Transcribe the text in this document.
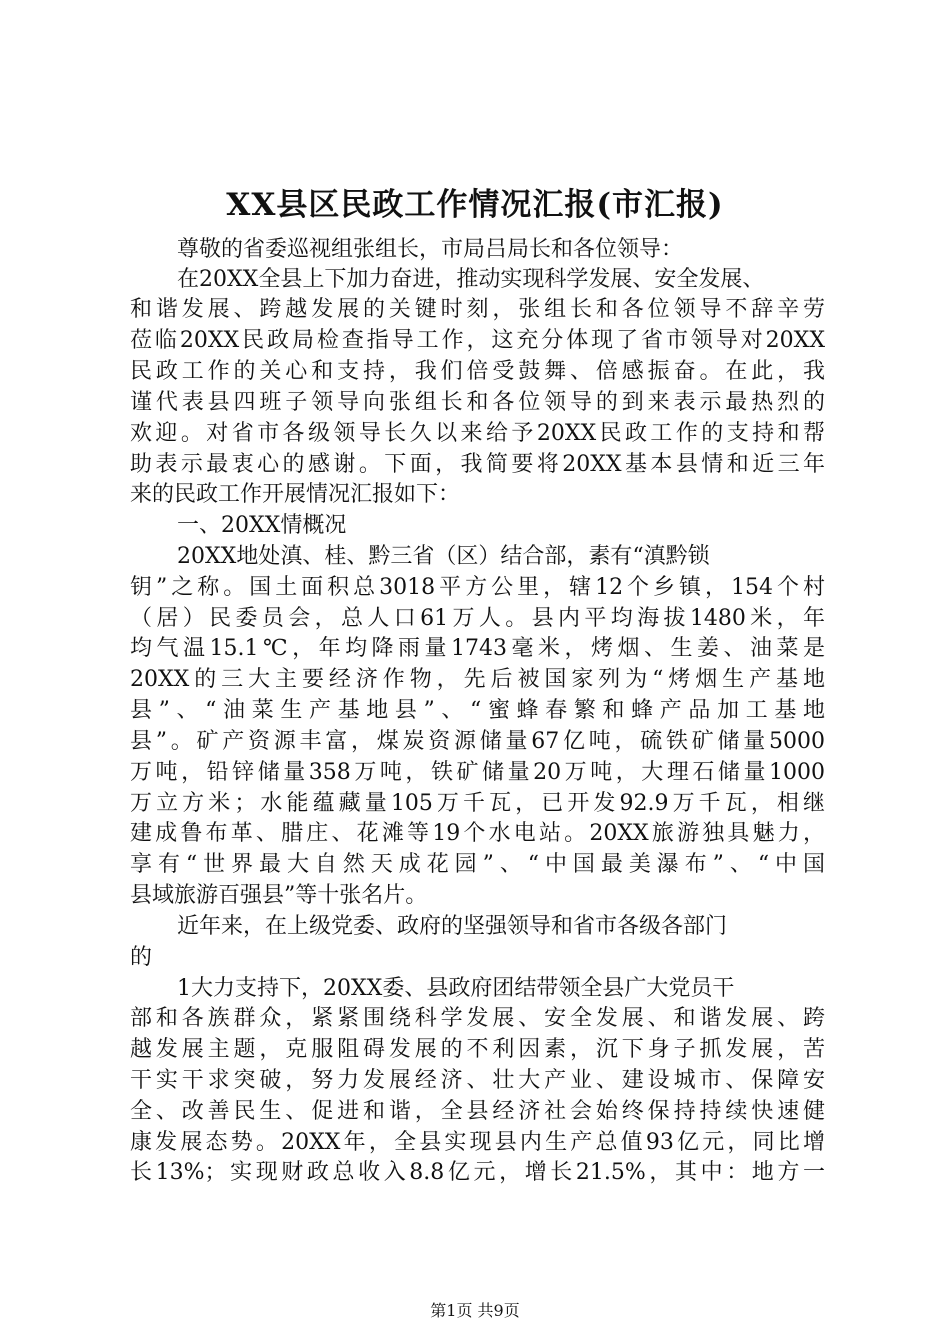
XX县区民政工作情况汇报(市汇报)
尊敬的省委巡视组张组长，市局吕局长和各位领导：
在20XX全县上下加力奋进，推动实现科学发展、安全发展、
和谐发展、跨越发展的关键时刻，张组长和各位领导不辞辛劳
莅临20XX民政局检查指导工作，这充分体现了省市领导对20XX
民政工作的关心和支持，我们倍受鼓舞、倍感振奋。在此，我
谨代表县四班子领导向张组长和各位领导的到来表示最热烈的
欢迎。对省市各级领导长久以来给予20XX民政工作的支持和帮
助表示最衷心的感谢。下面，我简要将20XX基本县情和近三年
来的民政工作开展情况汇报如下：
一、20XX情概况
20XX地处滇、桂、黔三省（区）结合部，素有“滇黔锁
钥”之称。国土面积总3018平方公里，辖12个乡镇，154个村
（居）民委员会，总人口61万人。县内平均海拔1480米，年
均气温15.1℃，年均降雨量1743毫米，烤烟、生姜、油菜是
20XX的三大主要经济作物，先后被国家列为“烤烟生产基地
县”、“油菜生产基地县”、“蜜蜂春繁和蜂产品加工基地
县”。矿产资源丰富，煤炭资源储量67亿吨，硫铁矿储量5000
万吨，铅锌储量358万吨，铁矿储量20万吨，大理石储量1000
万立方米；水能蕴藏量105万千瓦，已开发92.9万千瓦，相继
建成鲁布革、腊庄、花滩等19个水电站。20XX旅游独具魅力，
享有“世界最大自然天成花园”、“中国最美瀑布”、“中国
县域旅游百强县”等十张名片。
近年来，在上级党委、政府的坚强领导和省市各级各部门
的
1大力支持下，20XX委、县政府团结带领全县广大党员干
部和各族群众，紧紧围绕科学发展、安全发展、和谐发展、跨
越发展主题，克服阻碍发展的不利因素，沉下身子抓发展，苦
干实干求突破，努力发展经济、壮大产业、建设城市、保障安
全、改善民生、促进和谐，全县经济社会始终保持持续快速健
康发展态势。20XX年，全县实现县内生产总值93亿元，同比增
长13%；实现财政总收入8.8亿元，增长21.5%，其中：地方一
第1页 共9页
